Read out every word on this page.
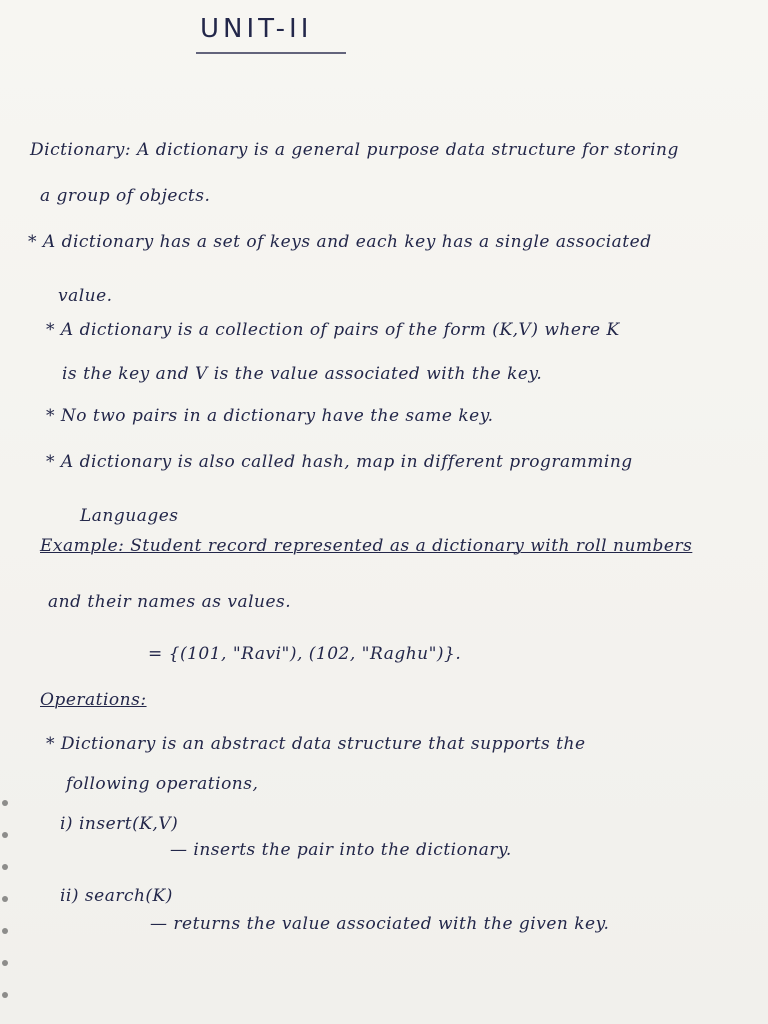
UNIT-II
Dictionary: A dictionary is a general purpose data structure for storing
a group of objects.
* A dictionary has a set of keys and each key has a single associated
value.
* A dictionary is a collection of pairs of the form (K,V) where K
is the key and V is the value associated with the key.
* No two pairs in a dictionary have the same key.
* A dictionary is also called hash, map in different programming
Languages
Example: Student record represented as a dictionary with roll numbers
and their names as values.
= {(101, "Ravi"), (102, "Raghu")}.
Operations:
* Dictionary is an abstract data structure that supports the
following operations,
i) insert(K,V)
— inserts the pair into the dictionary.
ii) search(K)
— returns the value associated with the given key.
